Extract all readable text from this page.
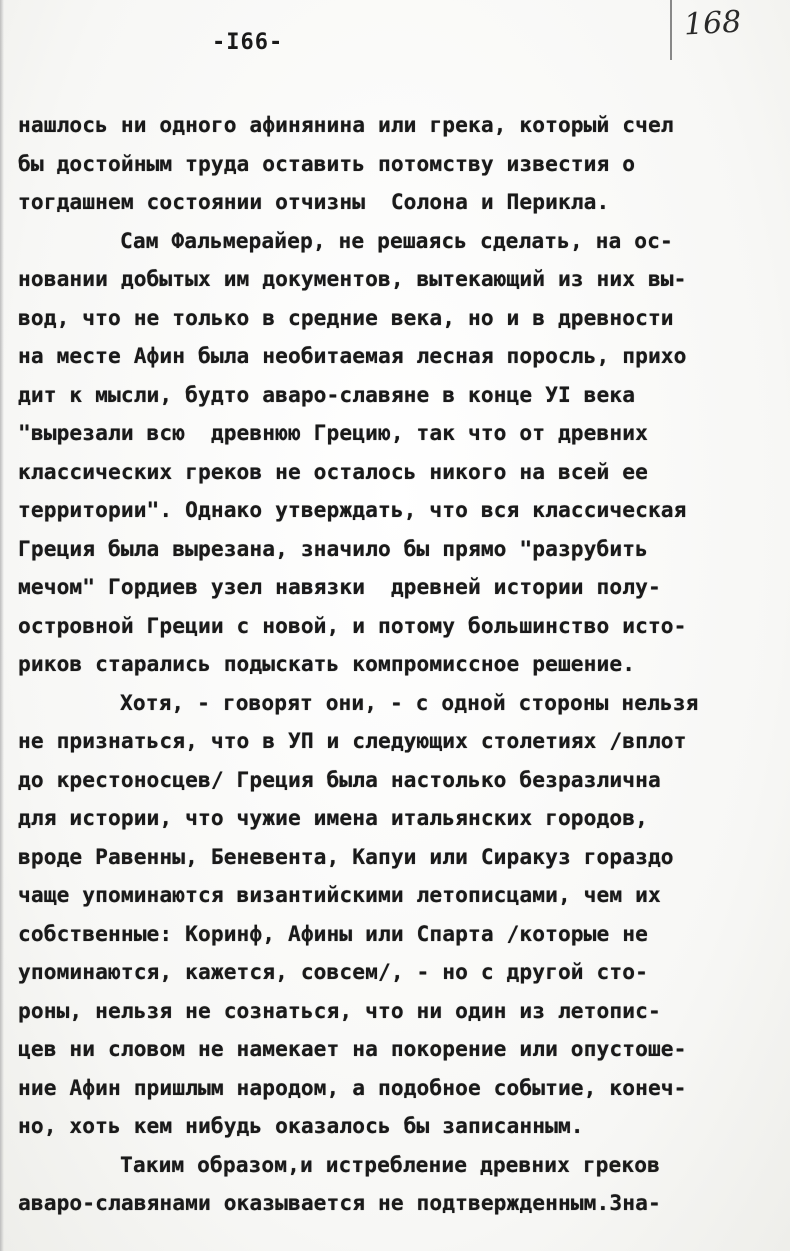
-I66-
168
нашлось ни одного афинянина или грека, который счел
бы достойным труда оставить потомству известия о
тогдашнем состоянии отчизны  Солона и Перикла.
Сам Фальмерайер, не решаясь сделать, на ос-
новании добытых им документов, вытекающий из них вы-
вод, что не только в средние века, но и в древности
на месте Афин была необитаемая лесная поросль, прихо
дит к мысли, будто аваро-славяне в конце УI века
"вырезали всю  древнюю Грецию, так что от древних
классических греков не осталось никого на всей ее
территории". Однако утверждать, что вся классическая
Греция была вырезана, значило бы прямо "разрубить
мечом" Гордиев узел навязки  древней истории полу-
островной Греции с новой, и потому большинство исто-
риков старались подыскать компромиссное решение.
Хотя, - говорят они, - с одной стороны нельзя
не признаться, что в УП и следующих столетиях /вплот
до крестоносцев/ Греция была настолько безразлична
для истории, что чужие имена итальянских городов,
вроде Равенны, Беневента, Капуи или Сиракуз гораздо
чаще упоминаются византийскими летописцами, чем их
собственные: Коринф, Афины или Спарта /которые не
упоминаются, кажется, совсем/, - но с другой сто-
роны, нельзя не сознаться, что ни один из летопис-
цев ни словом не намекает на покорение или опустоше-
ние Афин пришлым народом, а подобное событие, конеч-
но, хоть кем нибудь оказалось бы записанным.
Таким образом,и истребление древних греков
аваро-славянами оказывается не подтвержденным.Зна-
